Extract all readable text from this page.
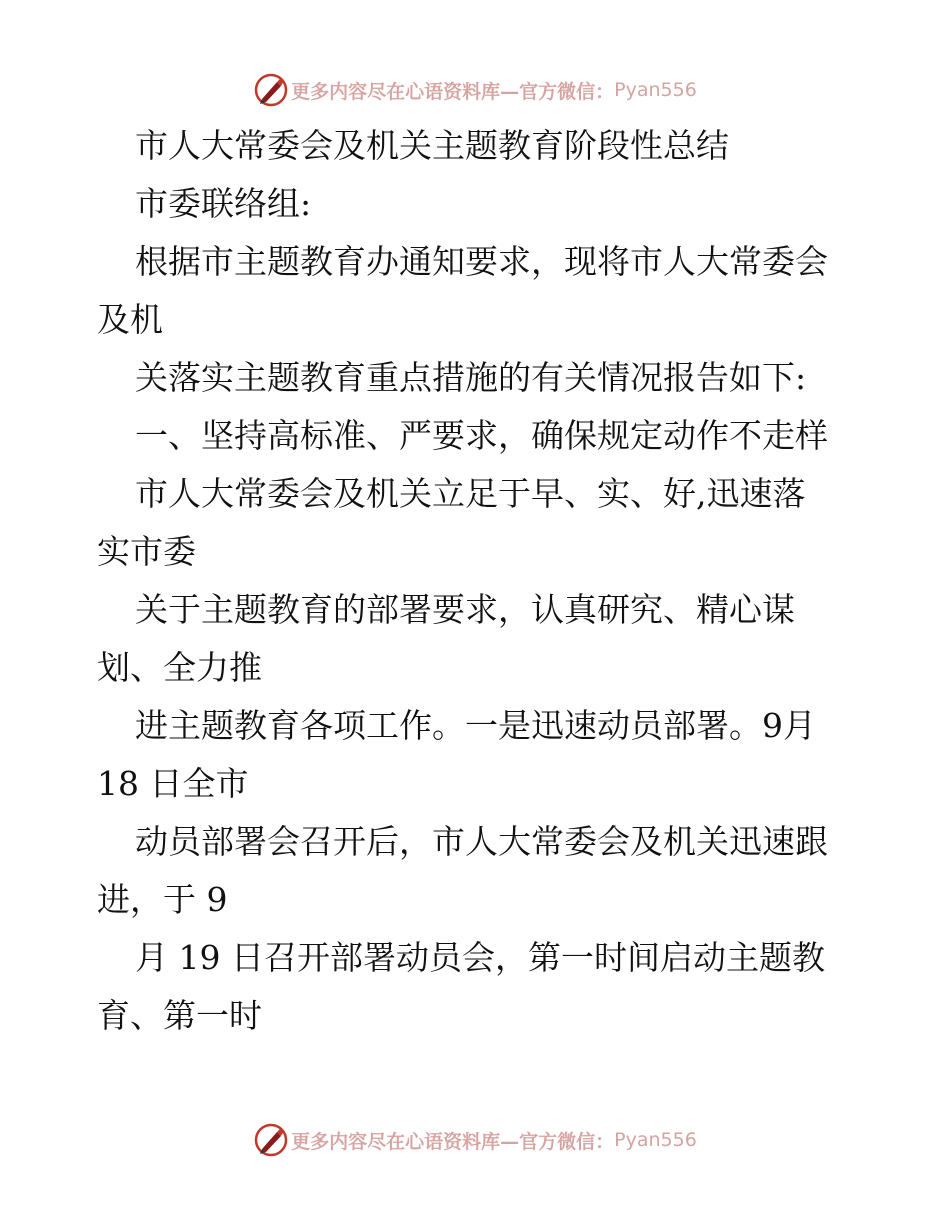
更多内容尽在心语资料库—官方微信： Pyan556
市人大常委会及机关主题教育阶段性总结
市委联络组:
根据市主题教育办通知要求，现将市人大常委会
及机
关落实主题教育重点措施的有关情况报告如下:
一、坚持高标准、严要求，确保规定动作不走样
市人大常委会及机关立足于早、实、好,迅速落
实市委
关于主题教育的部署要求，认真研究、精心谋
划、全力推
进主题教育各项工作。一是迅速动员部署。9月
18 日全市
动员部署会召开后，市人大常委会及机关迅速跟
进，于 9
月 19 日召开部署动员会，第一时间启动主题教
育、第一时
更多内容尽在心语资料库—官方微信： Pyan556
